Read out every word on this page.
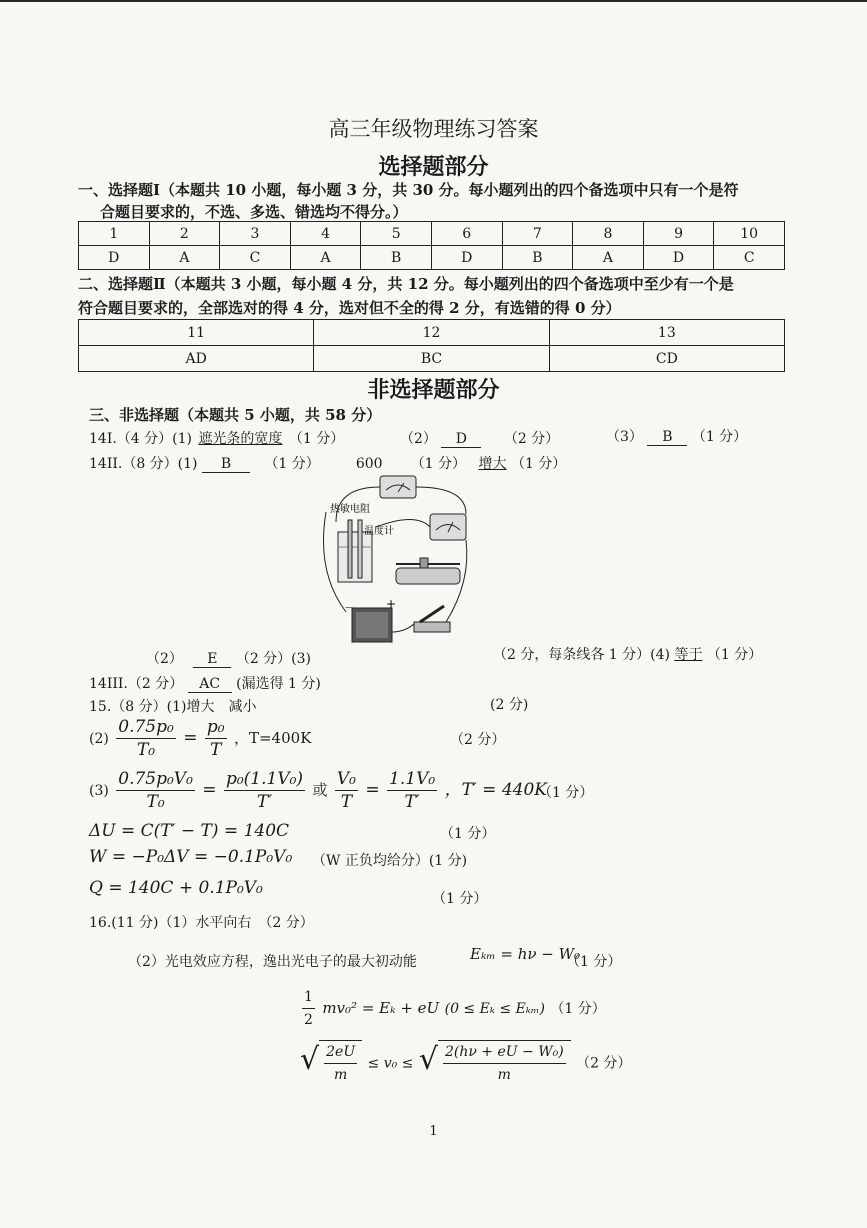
高三年级物理练习答案
选择题部分
一、选择题Ⅰ（本题共 10 小题，每小题 3 分，共 30 分。每小题列出的四个备选项中只有一个是符
合题目要求的，不选、多选、错选均不得分。）
1	2	3	4	5	6	7	8	9	10
D	A	C	A	B	D	B	A	D	C
二、选择题Ⅱ（本题共 3 小题，每小题 4 分，共 12 分。每小题列出的四个备选项中至少有一个是
符合题目要求的，全部选对的得 4 分，选对但不全的得 2 分，有选错的得 0 分）
11	12	13
AD	BC	CD
非选择题部分
三、非选择题（本题共 5 小题，共 58 分）
14I.（4 分）(1) 遮光条的宽度 （1 分）	（2） D	（2 分）	（3） B （1 分）
14II.（8 分）(1) B （1 分）	600 （1 分） 增大 （1 分）
热敏电阻
温度计
－ +
（2） E （2 分）(3)	（2 分，每条线各 1 分）(4) 等于 （1 分）
14III.（2 分） AC (漏选得 1 分)
15.（8 分）(1)增大　减小	(2 分)
$(2) \frac{\text{0.75p₀}}{\text{T₀}} = \frac{\text{p₀}}{T}$ ，T=400K	（2 分）
$(3) \frac{\text{0.75p₀V₀}}{\text{T₀}} = \frac{\text{p₀(1.1V₀)}}{T'}$ 或 $\frac{\text{V₀}}{T} = \frac{\text{1.1V₀}}{T'}$ ，T′ = 440K
（1 分）
ΔU = C(T′ − T) = 140C	（1 分）
W = −P₀ΔV = −0.1P₀V₀ （W 正负均给分）(1 分)
Q = 140C + 0.1P₀V₀
（1 分）
16.(11 分)（1）水平向右　（2 分）
（2）光电效应方程，逸出光电子的最大初动能	Eₖₘ = hν − W₀
（1 分）
$\frac{1}{2} mv_0^2 = E_k$ + eU (0 ≤ Eₖ ≤ Eₖₘ) （1 分）
√ $\frac{2eU}{m} \le v_0$ ≤ √ $\frac{\text{2(hν + eU − W₀)}}{m} (2$ 分）
1
